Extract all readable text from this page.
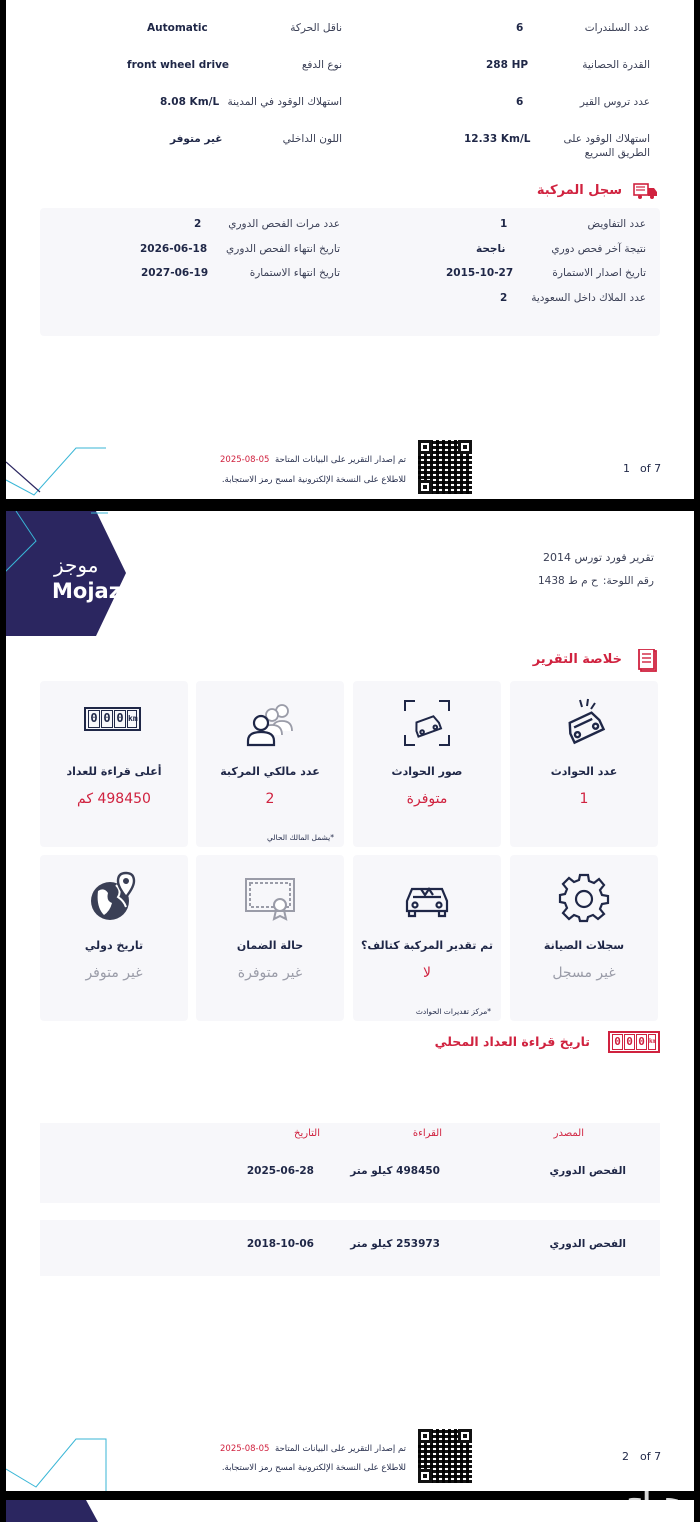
عدد السلندرات
6
ناقل الحركة
Automatic
القدرة الحصانية
288 HP
نوع الدفع
front wheel drive
عدد تروس القير
6
استهلاك الوقود في المدينة
8.08 Km/L
استهلاك الوقود على
الطريق السريع
12.33 Km/L
اللون الداخلي
غير متوفر
سجل المركبة
عدد التفاويض
1
عدد مرات الفحص الدوري
2
نتيجة آخر فحص دوري
ناجحة
تاريخ انتهاء الفحص الدوري
2026-06-18
تاريخ اصدار الاستمارة
2015-10-27
تاريخ انتهاء الاستمارة
2027-06-19
عدد الملاك داخل السعودية
2
تم إصدار التقرير على البيانات المتاحة
2025-08-05
للاطلاع على النسخة الإلكترونية امسح رمز الاستجابة.
of 7
1
موجز
Mojaz
تقرير فورد تورس 2014
رقم اللوحة:
ح م ط 1438
خلاصة التقرير
عدد الحوادث
1
صور الحوادث
متوفرة
عدد مالكي المركبة
2
*يشمل المالك الحالي
0 0 0 km
أعلى قراءة للعداد
498450 كم
سجلات الصيانة
غير مسجل
تم تقدير المركبة كتالف؟
لا
*مركز تقديرات الحوادث
حالة الضمان
غير متوفرة
تاريخ دولي
غير متوفر
0 0 0 km
تاريخ قراءة العداد المحلي
المصدر
القراءة
التاريخ
الفحص الدوري
498450 كيلو متر
2025-06-28
الفحص الدوري
253973 كيلو متر
2018-10-06
تم إصدار التقرير على البيانات المتاحة
2025-08-05
للاطلاع على النسخة الإلكترونية امسح رمز الاستجابة.
of 7
2
حراج
